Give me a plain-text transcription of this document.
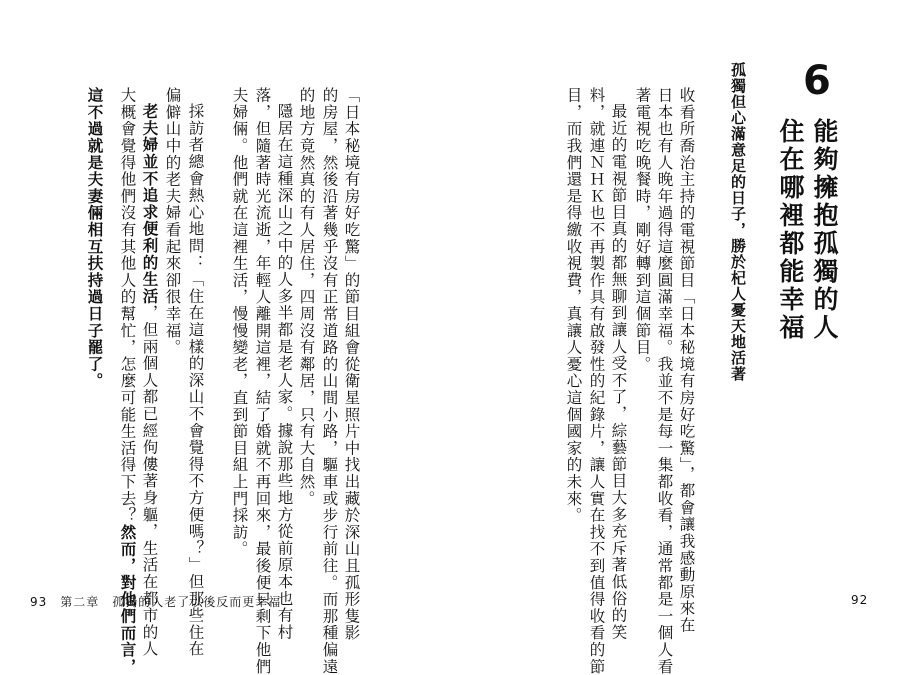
6
能夠擁抱孤獨的人
住在哪裡都能幸福
孤獨但心滿意足的日子，勝於杞人憂天地活著
收看所喬治主持的電視節目「日本秘境有房好吃驚」，都會讓我感動原來在
日本也有人晚年過得這麼圓滿幸福。我並不是每一集都收看，通常都是一個人看
著電視吃晚餐時，剛好轉到這個節目。
最近的電視節目真的都無聊到讓人受不了，綜藝節目大多充斥著低俗的笑
料，就連ＮＨＫ也不再製作具有啟發性的紀錄片，讓人實在找不到值得收看的節
目，而我們還是得繳收視費，真讓人憂心這個國家的未來。
「日本秘境有房好吃驚」的節目組會從衛星照片中找出藏於深山且孤形隻影
的房屋，然後沿著幾乎沒有正常道路的山間小路，驅車或步行前往。而那種偏遠
的地方竟然真的有人居住，四周沒有鄰居，只有大自然。
隱居在這種深山之中的人多半都是老人家。據說那些地方從前原本也有村
落，但隨著時光流逝，年輕人離開這裡，結了婚就不再回來，最後便只剩下他們
夫婦倆。他們就在這裡生活，慢慢變老，直到節目組上門採訪。
採訪者總會熱心地問：「住在這樣的深山不會覺得不方便嗎？」但那些住在
偏僻山中的老夫婦看起來卻很幸福。
老夫婦並不追求便利的生活，但兩個人都已經佝僂著身軀，生活在都市的人
大概會覺得他們沒有其他人的幫忙，怎麼可能生活得下去？然而，對他們而言，
這不過就是夫妻倆相互扶持過日子罷了。
93　第二章　孤獨的人老了以後反而更幸福	92
